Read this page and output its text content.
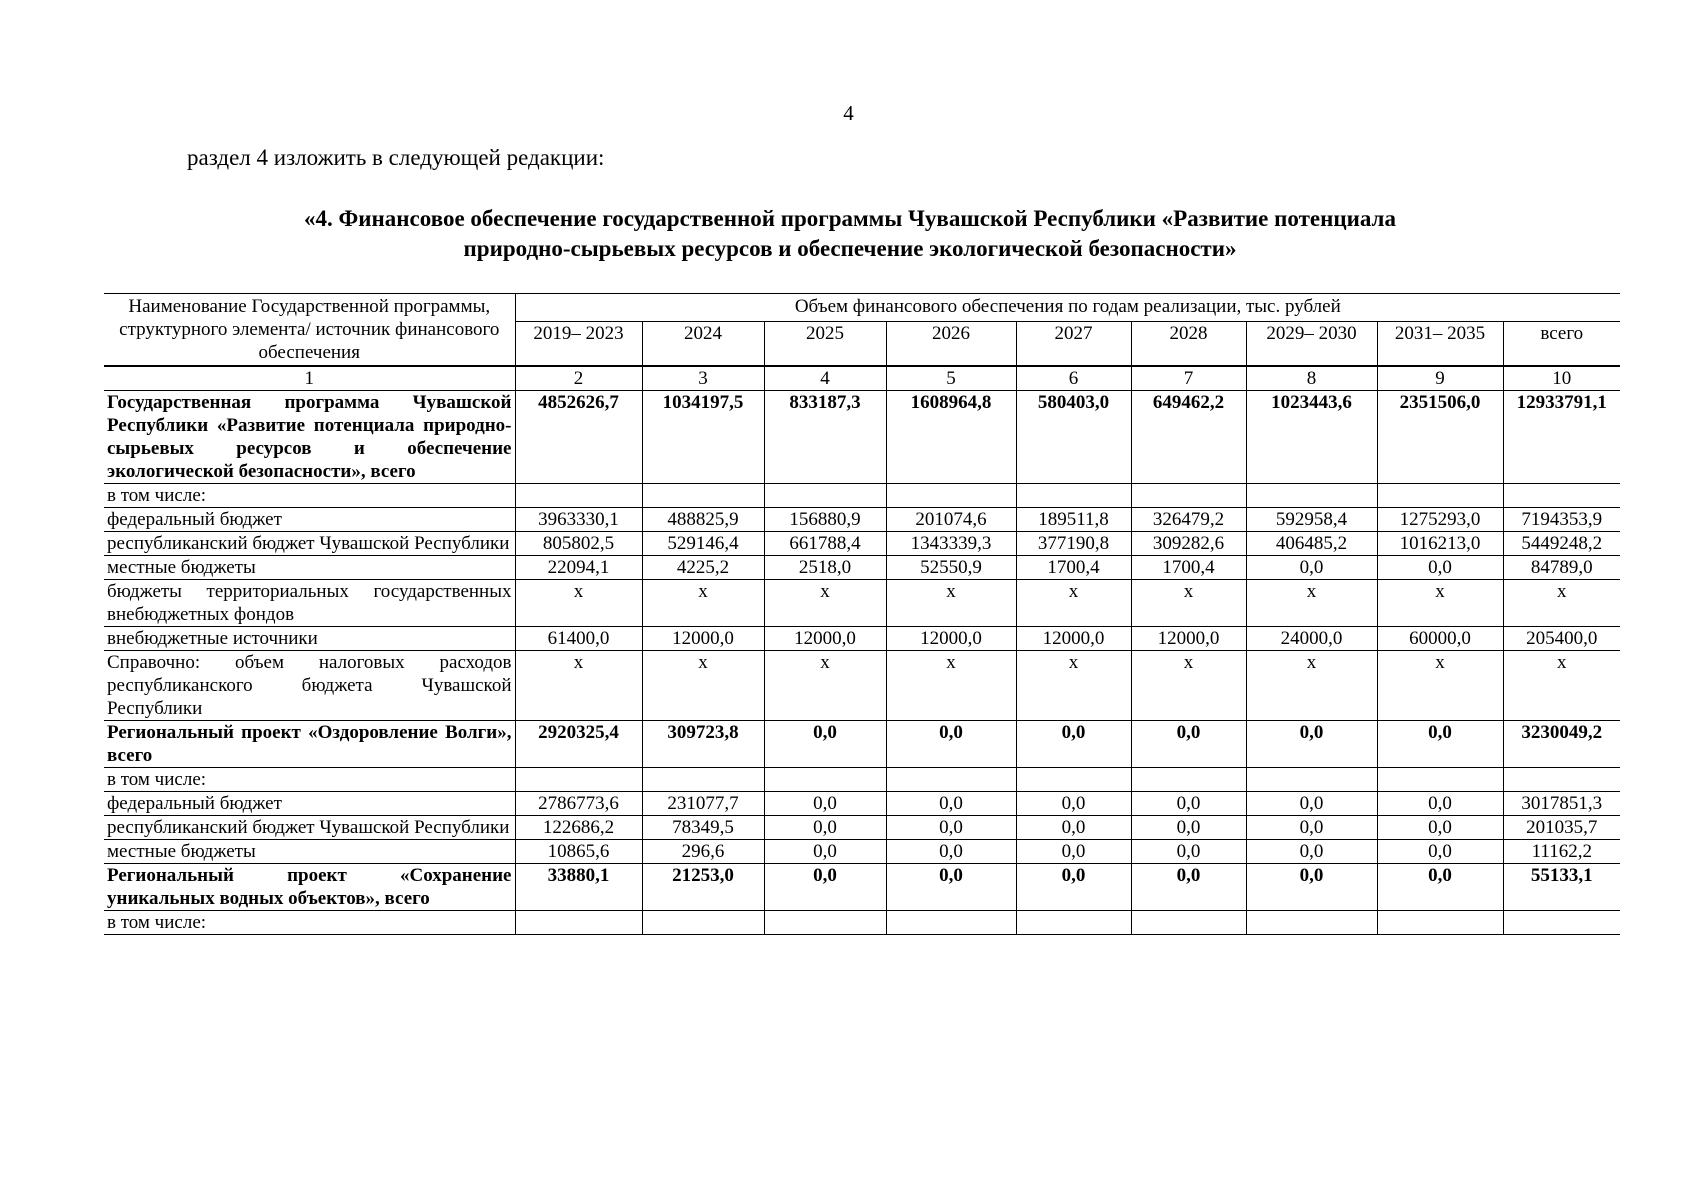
4
раздел 4 изложить в следующей редакции:
«4. Финансовое обеспечение государственной программы Чувашской Республики «Развитие потенциала
природно-сырьевых ресурсов и обеспечение экологической безопасности»
Наименование Государственной программы, структурного элемента/ источник финансового обеспечения	Объем финансового обеспечения по годам реализации, тыс. рублей								
	2019– 2023	2024	2025	2026	2027	2028	2029– 2030	2031– 2035	всего
1	2	3	4	5	6	7	8	9	10
Государственная программа Чувашской Республики «Развитие потенциала природно-сырьевых ресурсов и обеспечение экологической безопасности», всего	4852626,7	1034197,5	833187,3	1608964,8	580403,0	649462,2	1023443,6	2351506,0	12933791,1
в том числе:									
федеральный бюджет	3963330,1	488825,9	156880,9	201074,6	189511,8	326479,2	592958,4	1275293,0	7194353,9
республиканский бюджет Чувашской Республики	805802,5	529146,4	661788,4	1343339,3	377190,8	309282,6	406485,2	1016213,0	5449248,2
местные бюджеты	22094,1	4225,2	2518,0	52550,9	1700,4	1700,4	0,0	0,0	84789,0
бюджеты территориальных государственных внебюджетных фондов	х	х	х	х	х	х	х	х	х
внебюджетные источники	61400,0	12000,0	12000,0	12000,0	12000,0	12000,0	24000,0	60000,0	205400,0
Справочно: объем налоговых расходов республиканского бюджета Чувашской Республики	х	х	х	х	х	х	х	х	х
Региональный проект «Оздоровление Волги», всего	2920325,4	309723,8	0,0	0,0	0,0	0,0	0,0	0,0	3230049,2
в том числе:									
федеральный бюджет	2786773,6	231077,7	0,0	0,0	0,0	0,0	0,0	0,0	3017851,3
республиканский бюджет Чувашской Республики	122686,2	78349,5	0,0	0,0	0,0	0,0	0,0	0,0	201035,7
местные бюджеты	10865,6	296,6	0,0	0,0	0,0	0,0	0,0	0,0	11162,2
Региональный проект «Сохранение уникальных водных объектов», всего	33880,1	21253,0	0,0	0,0	0,0	0,0	0,0	0,0	55133,1
в том числе:									
